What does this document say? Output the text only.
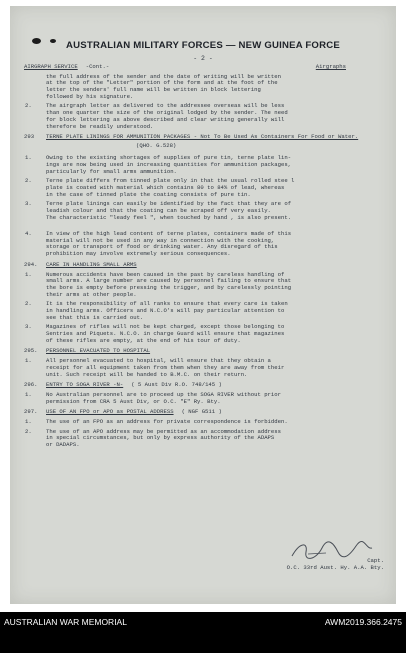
AUSTRALIAN MILITARY FORCES — NEW GUINEA FORCE
- 2 -
AIRGRAPH SERVICE -Cont.-	Airgraphs
the full address of the sender and the date of writing will be written
at the top of the "Letter" portion of the form and at the foot of the
letter the senders' full name will be written in block lettering
followed by his signature.
2.	The airgraph letter as delivered to the addressee overseas will be less
than one quarter the size of the original lodged by the sender. The need
for block lettering as above described and clear writing generally will
therefore be readily understood.
293	TERNE PLATE LININGS FOR AMMUNITION PACKAGES - Not To Be Used As Containers For Food or Water.
(QHO. G.528)
1.	Owing to the existing shortages of supplies of pure tin, terne plate lin-
ings are now being used in increasing quantities for ammunition packages,
particularly for small arms ammunition.
2.	Terne plate differs from tinned plate only in that the usual rolled stee l
plate is coated with material which contains 80 to 84% of lead, whereas
in the case of tinned plate the coating consists of pure tin.
3.	Terne plate linings can easily be identified by the fact that they are of
leadish colour and that the coating can be scraped off very easily.
The characteristic "leady feel ", when touched by hand , is also present.
4.	In view of the high lead content of terne plates, containers made of this
material will not be used in any way in connection with the cooking,
storage or transport of food or drinking water. Any disregard of this
prohibition may involve extremely serious consequences.
294.	CARE IN HANDLING SMALL ARMS
1.	Numerous accidents have been caused in the past by careless handling of
small arms. A large number are caused by personnel failing to ensure that
the bore is empty before pressing the trigger, and by carelessly pointing
their arms at other people.
2.	It is the responsibility of all ranks to ensure that every care is taken
in handling arms. Officers and N.C.O's will pay particular attention to
see that this is carried out.
3.	Magazines of rifles will not be kept charged, except those belonging to
Sentries and Piquets. N.C.O. in charge Guard will ensure that magazines
of these rifles are empty, at the end of his tour of duty.
295.	PERSONNEL EVACUATED TO HOSPITAL
1.	All personnel evacuated to hospital, will ensure that they obtain a
receipt for all equipment taken from them when they are away from their
unit. Such receipt will be handed to B.M.C. on their return.
296.	ENTRY TO SOGA RIVER -N- ( 5 Aust Div R.O. 748/145 )
1.	No Australian personnel are to proceed up the SOGA RIVER without prior
permission from CRA 5 Aust Div, or O.C. "E" Ry. Bty.
297.	USE OF AN FPO or APO as POSTAL ADDRESS ( NGF G511 )
1.	The use of an FPO as an address for private correspondence is forbidden.
2.	The use of an APO address may be permitted as an accommodation address
in special circumstances, but only by express authority of the ADAPS
or DADAPS.
Capt.
O.C. 33rd Aust. Hy. A.A. Bty.
AUSTRALIAN WAR MEMORIAL	AWM2019.366.2475
